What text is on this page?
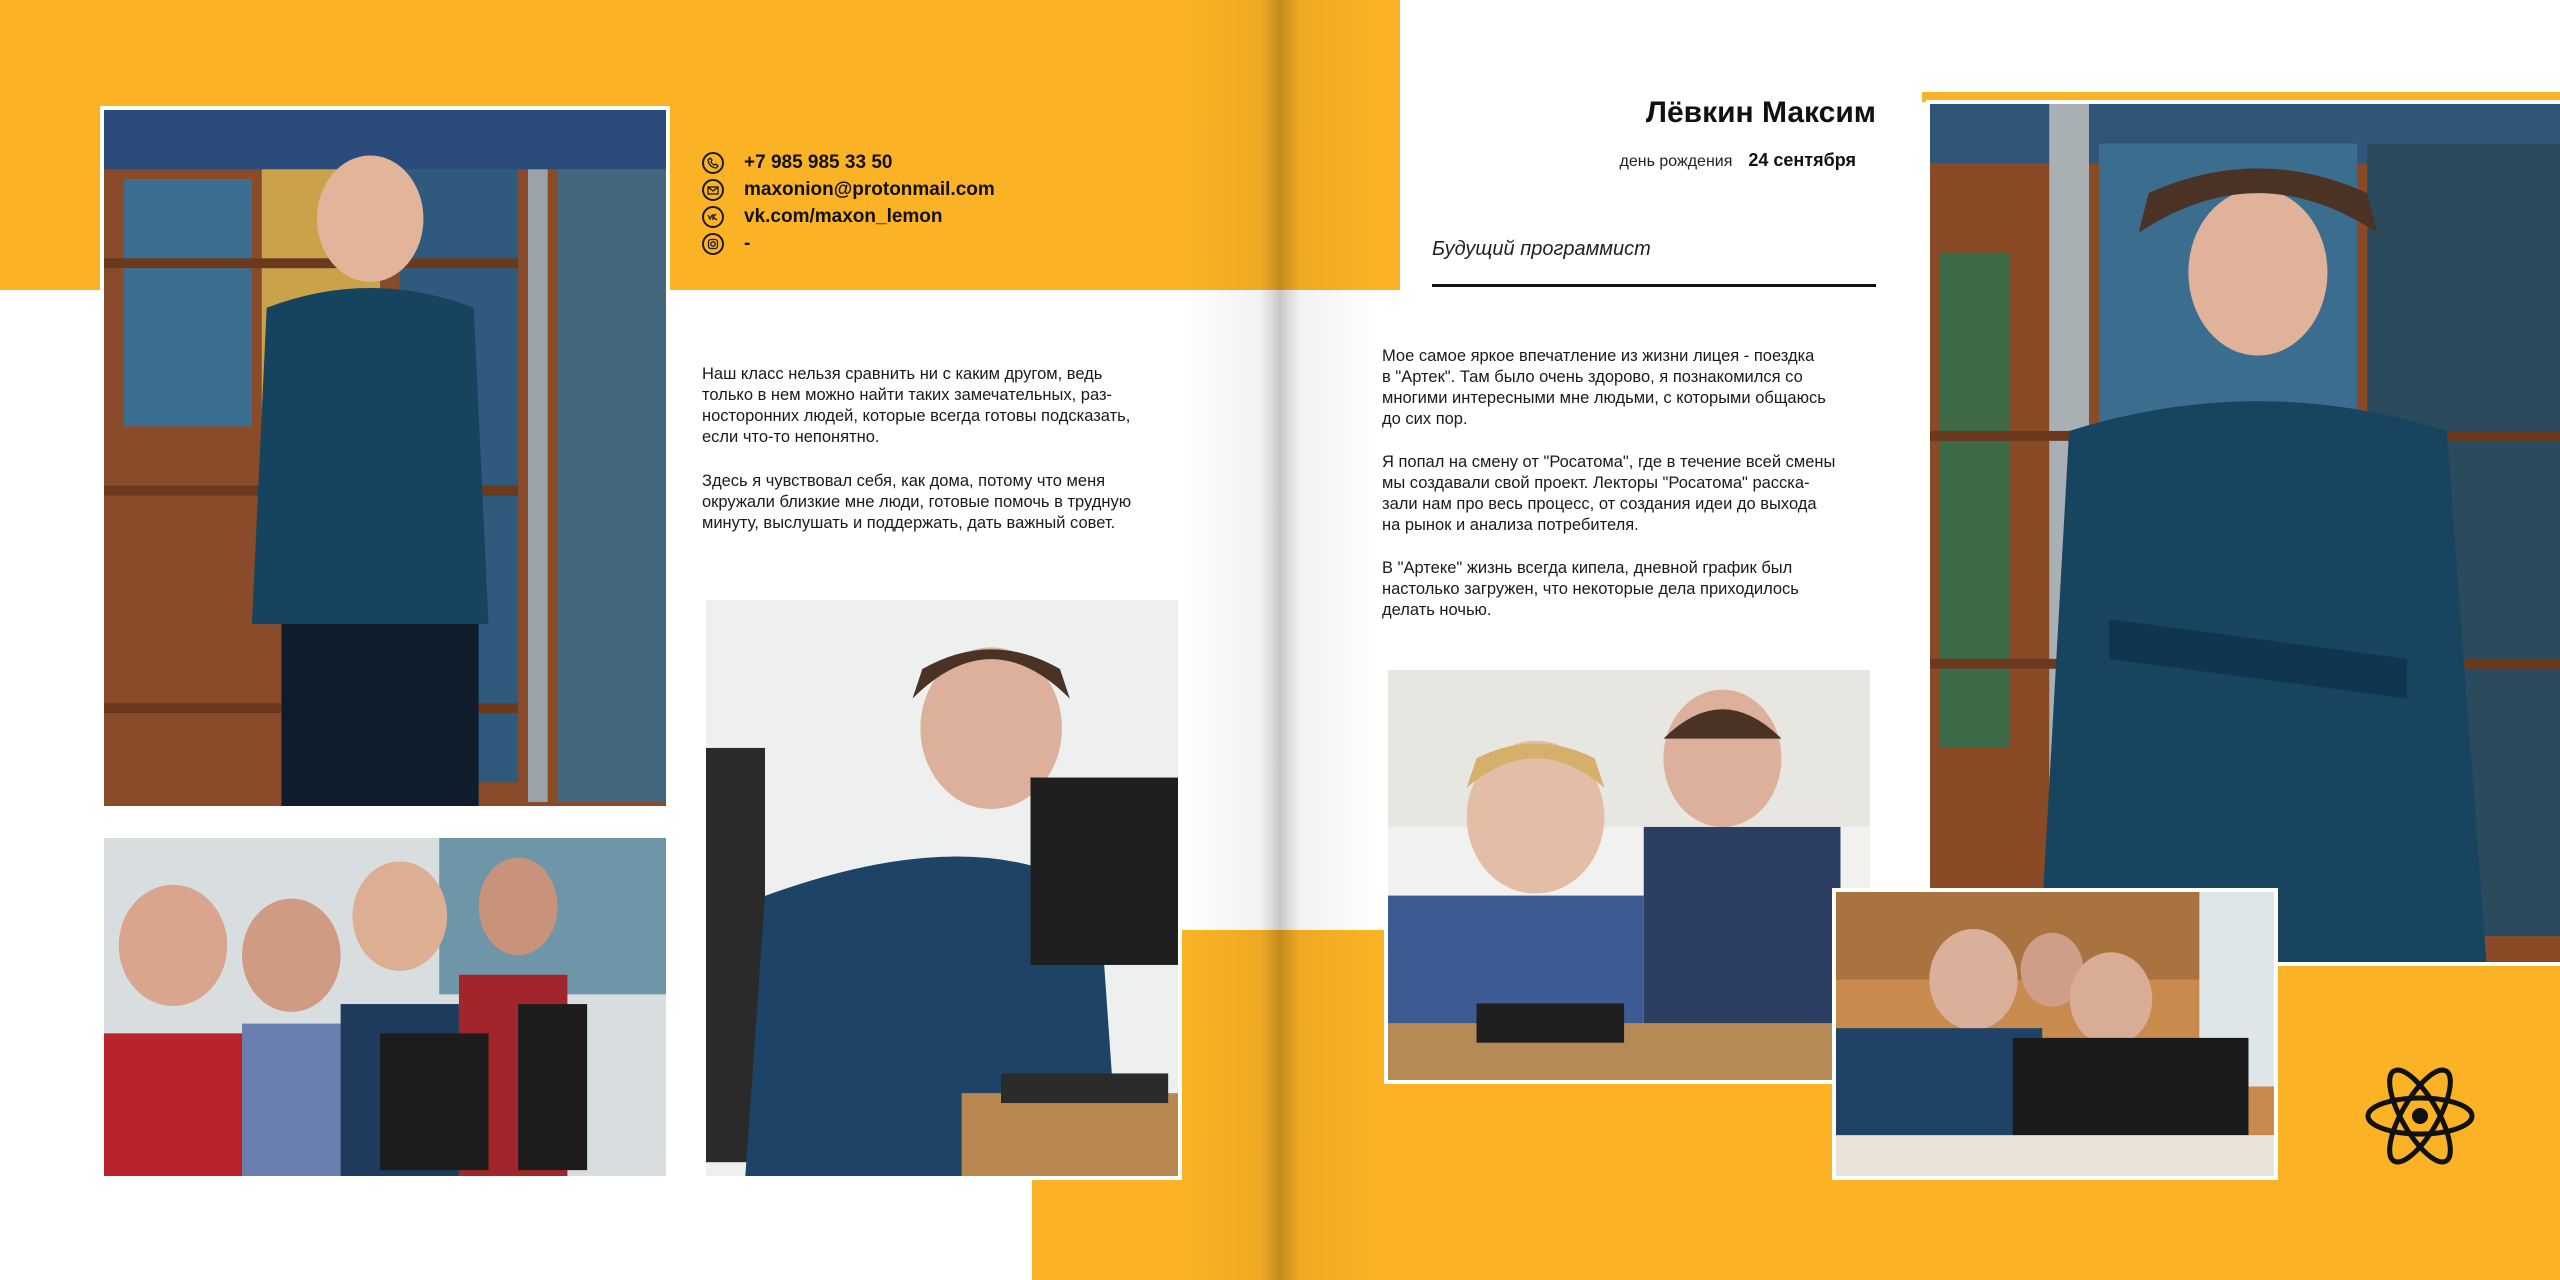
+7 985 985 33 50
maxonion@protonmail.com
vk.com/maxon_lemon
-
Наш класс нельзя сравнить ни с каким другом, ведь
только в нем можно найти таких замечательных, раз-
носторонних людей, которые всегда готовы подсказать,
если что-то непонятно.
Здесь я чувствовал себя, как дома, потому что меня
окружали близкие мне люди, готовые помочь в трудную
минуту, выслушать и поддержать, дать важный совет.
Лёвкин Максим
день рождения 24 сентября
Будущий программист
Мое самое яркое впечатление из жизни лицея - поездка
в "Артек". Там было очень здорово, я познакомился со
многими интересными мне людьми, с которыми общаюсь
до сих пор.
Я попал на смену от "Росатома", где в течение всей смены
мы создавали свой проект. Лекторы "Росатома" расска-
зали нам про весь процесс, от создания идеи до выхода
на рынок и анализа потребителя.
В "Артеке" жизнь всегда кипела, дневной график был
настолько загружен, что некоторые дела приходилось
делать ночью.
